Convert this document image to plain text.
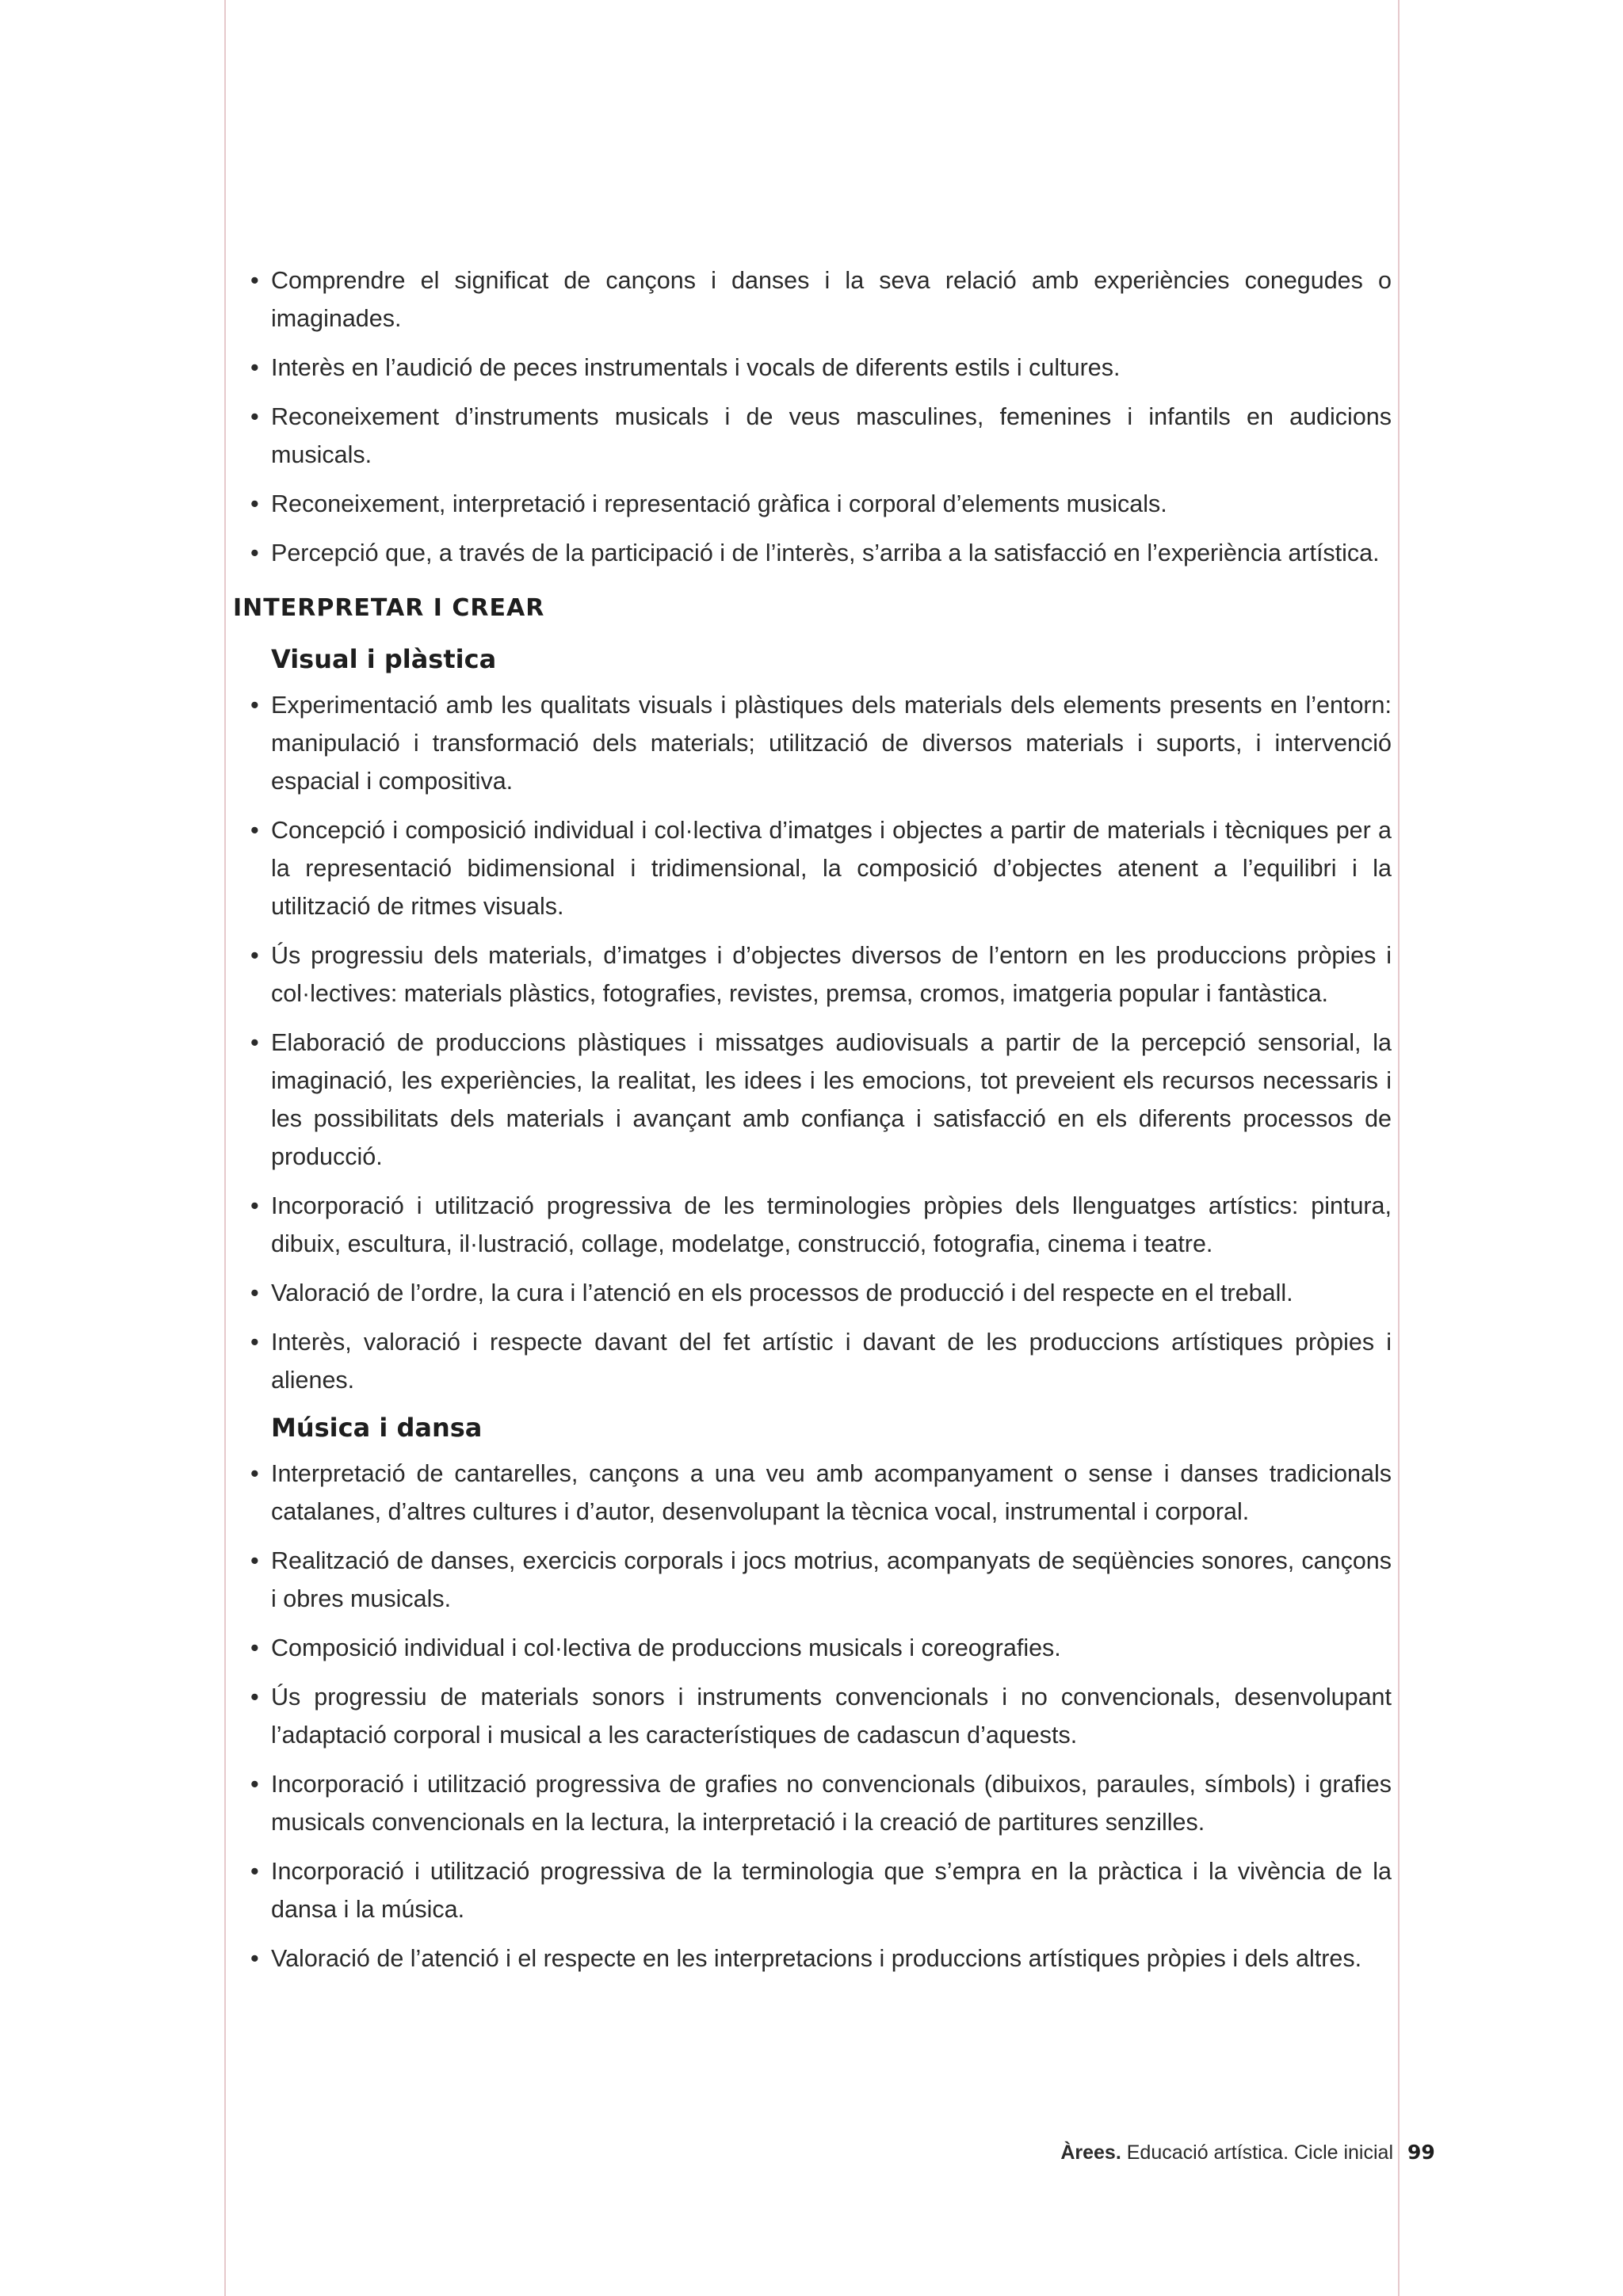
• Comprendre el significat de cançons i danses i la seva relació amb experiències conegudes o imaginades.
• Interès en l’audició de peces instrumentals i vocals de diferents estils i cultures.
• Reconeixement d’instruments musicals i de veus masculines, femenines i infantils en audicions musicals.
• Reconeixement, interpretació i representació gràfica i corporal d’elements musicals.
• Percepció que, a través de la participació i de l’interès, s’arriba a la satisfacció en l’experiència artística.
INTERPRETAR I CREAR
Visual i plàstica
• Experimentació amb les qualitats visuals i plàstiques dels materials dels elements presents en l’entorn: manipulació i transformació dels materials; utilització de diversos materials i suports, i intervenció espacial i compositiva.
• Concepció i composició individual i col·lectiva d’imatges i objectes a partir de materials i tècniques per a la representació bidimensional i tridimensional, la composició d’objectes atenent a l’equilibri i la utilització de ritmes visuals.
• Ús progressiu dels materials, d’imatges i d’objectes diversos de l’entorn en les produccions pròpies i col·lectives: materials plàstics, fotografies, revistes, premsa, cromos, imatgeria popular i fantàstica.
• Elaboració de produccions plàstiques i missatges audiovisuals a partir de la percepció sensorial, la imaginació, les experiències, la realitat, les idees i les emocions, tot preveient els recursos necessaris i les possibilitats dels materials i avançant amb confiança i satisfacció en els diferents processos de producció.
• Incorporació i utilització progressiva de les terminologies pròpies dels llenguatges artístics: pintura, dibuix, escultura, il·lustració, collage, modelatge, construcció, fotografia, cinema i teatre.
• Valoració de l’ordre, la cura i l’atenció en els processos de producció i del respecte en el treball.
• Interès, valoració i respecte davant del fet artístic i davant de les produccions artístiques pròpies i alienes.
Música i dansa
• Interpretació de cantarelles, cançons a una veu amb acompanyament o sense i danses tradicionals catalanes, d’altres cultures i d’autor, desenvolupant la tècnica vocal, instrumental i corporal.
• Realització de danses, exercicis corporals i jocs motrius, acompanyats de seqüències sonores, cançons i obres musicals.
• Composició individual i col·lectiva de produccions musicals i coreografies.
• Ús progressiu de materials sonors i instruments convencionals i no convencionals, desenvolupant l’adaptació corporal i musical a les característiques de cadascun d’aquests.
• Incorporació i utilització progressiva de grafies no convencionals (dibuixos, paraules, símbols) i grafies musicals convencionals en la lectura, la interpretació i la creació de partitures senzilles.
• Incorporació i utilització progressiva de la terminologia que s’empra en la pràctica i la vivència de la dansa i la música.
• Valoració de l’atenció i el respecte en les interpretacions i produccions artístiques pròpies i dels altres.
Àrees. Educació artística. Cicle inicial 99
